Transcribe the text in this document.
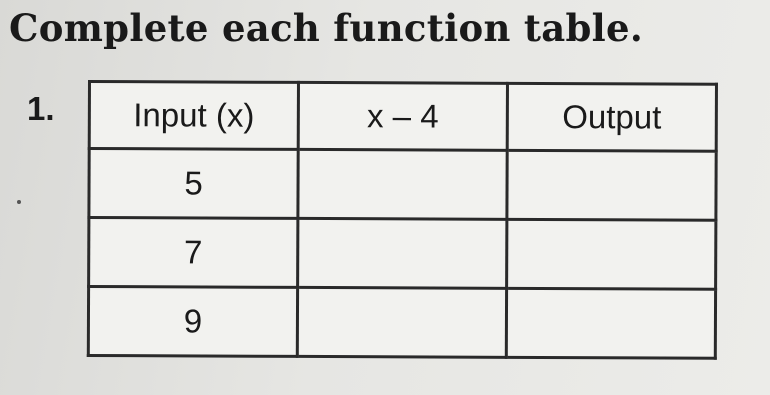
Complete each function table.
1. Input (x)	x – 4	Output
5		
7		
9		
